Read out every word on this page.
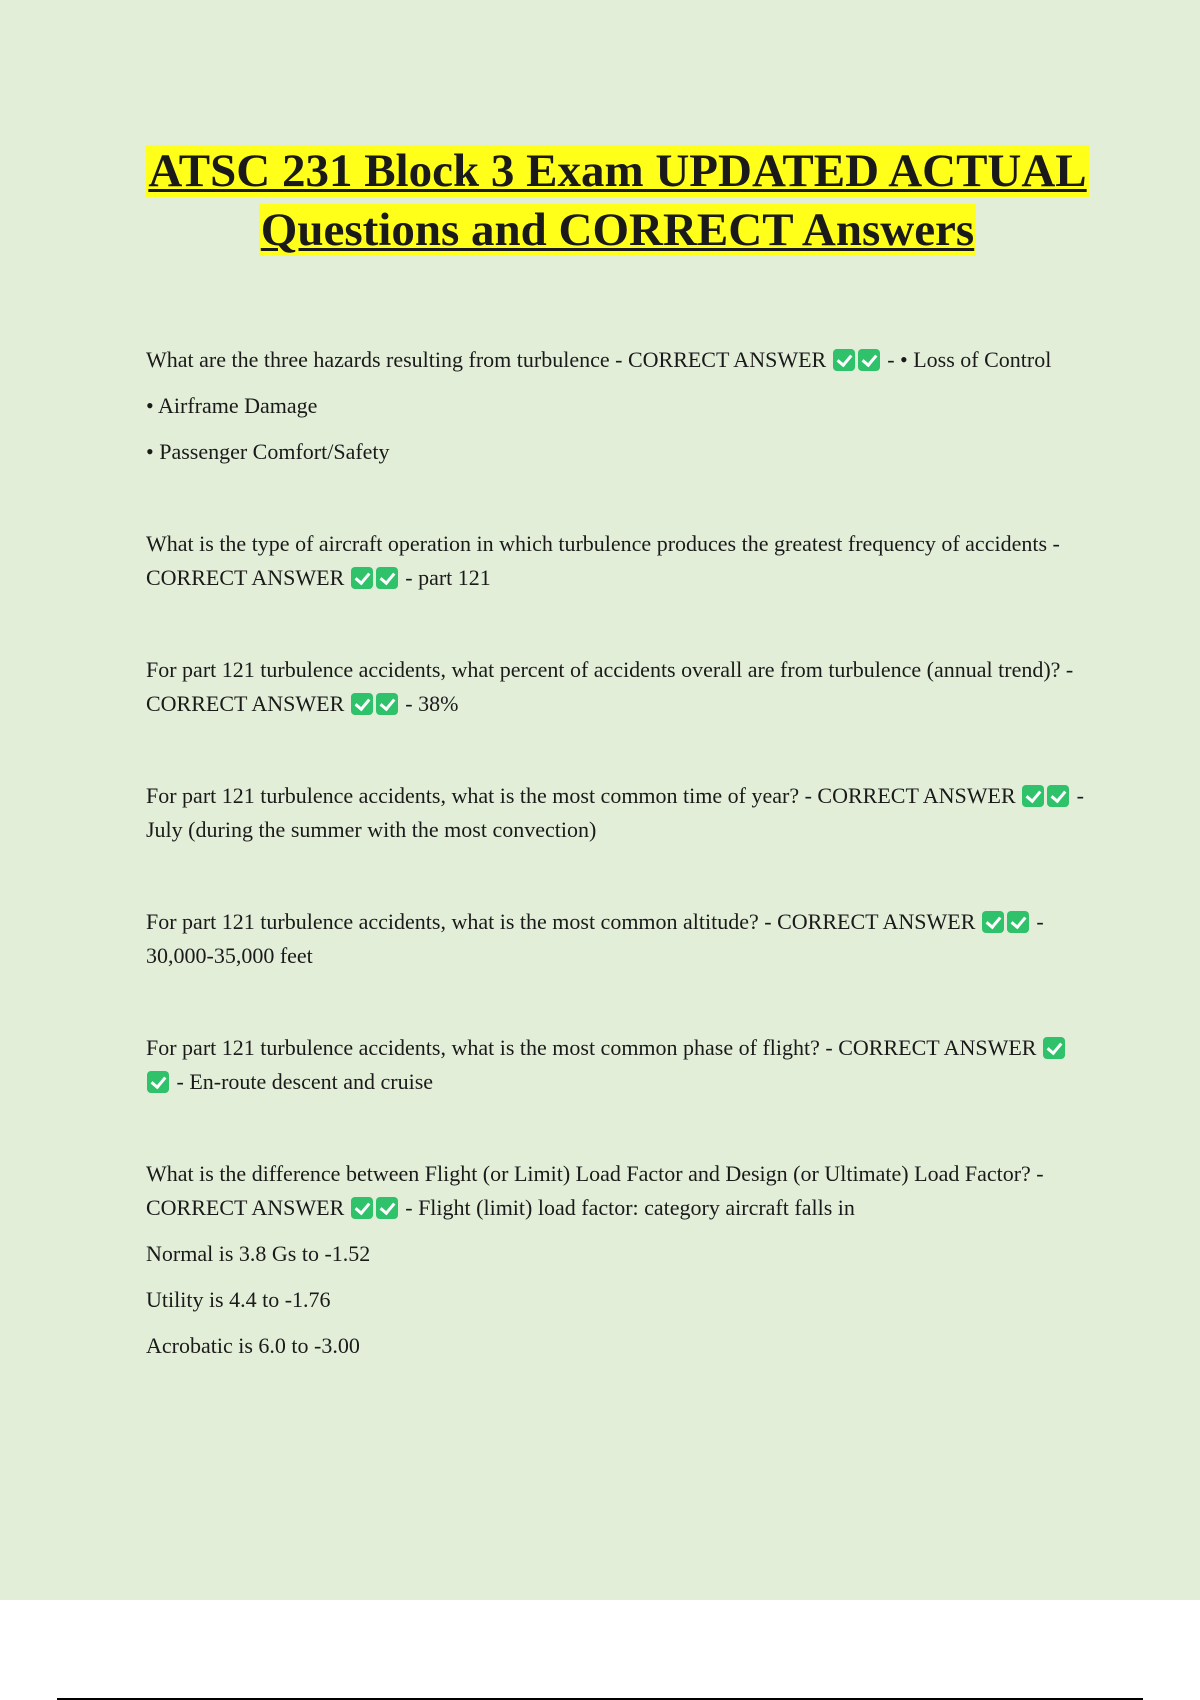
ATSC 231 Block 3 Exam UPDATED ACTUAL Questions and CORRECT Answers

What are the three hazards resulting from turbulence - CORRECT ANSWER  - • Loss of Control

• Airframe Damage

• Passenger Comfort/Safety

What is the type of aircraft operation in which turbulence produces the greatest frequency of accidents - CORRECT ANSWER  - part 121

For part 121 turbulence accidents, what percent of accidents overall are from turbulence (annual trend)? - CORRECT ANSWER  - 38%

For part 121 turbulence accidents, what is the most common time of year? - CORRECT ANSWER  - July (during the summer with the most convection)

For part 121 turbulence accidents, what is the most common altitude? - CORRECT ANSWER  - 30,000-35,000 feet

For part 121 turbulence accidents, what is the most common phase of flight? - CORRECT ANSWER  - En-route descent and cruise

What is the difference between Flight (or Limit) Load Factor and Design (or Ultimate) Load Factor? - CORRECT ANSWER  - Flight (limit) load factor: category aircraft falls in

Normal is 3.8 Gs to -1.52

Utility is 4.4 to -1.76

Acrobatic is 6.0 to -3.00
